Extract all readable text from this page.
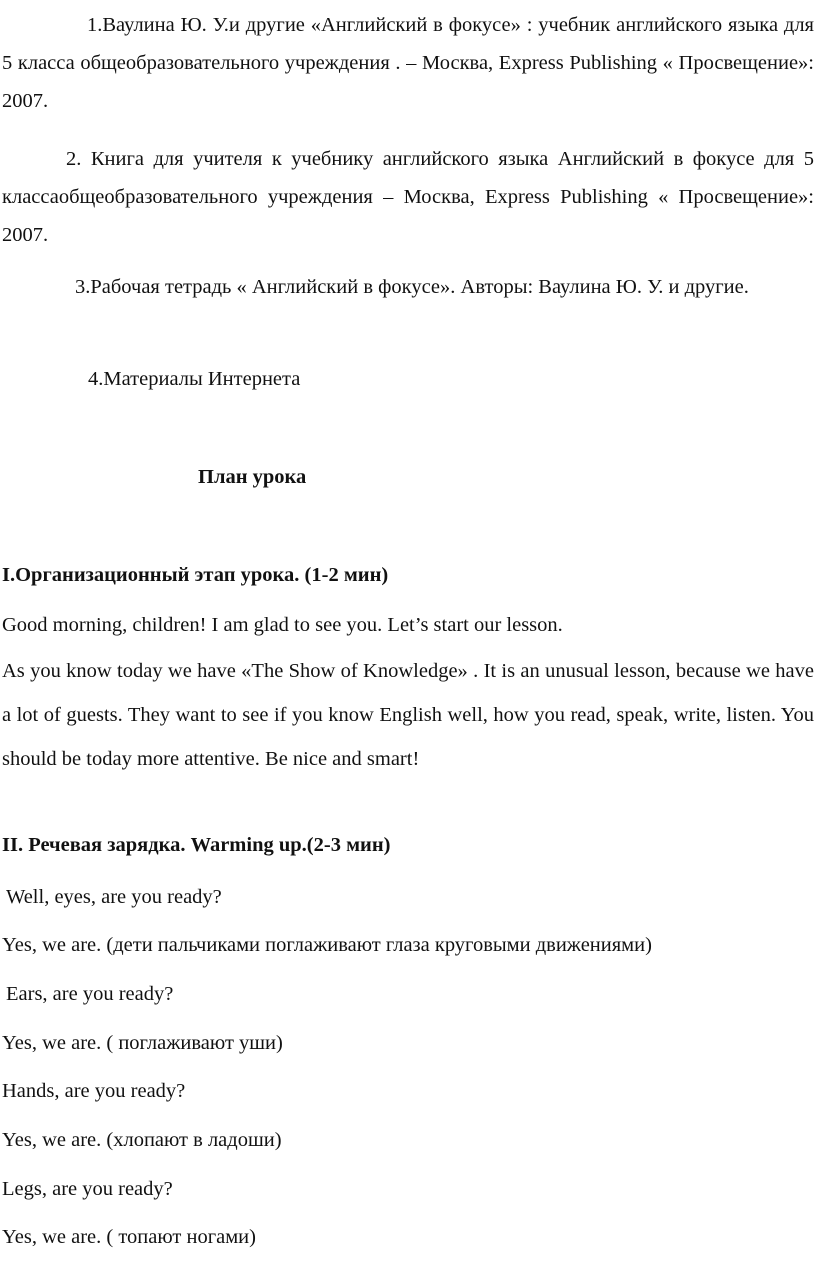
1.Ваулина Ю. У.и другие «Английский в фокусе» : учебник английского языка для 5 класса общеобразовательного учреждения . – Москва, Express Publishing « Просвещение»: 2007.
2. Книга для учителя к учебнику английского языка Английский в фокусе для 5 классаобщеобразовательного учреждения – Москва, Express Publishing « Просвещение»: 2007.
3.Рабочая тетрадь « Английский в фокусе». Авторы: Ваулина Ю. У. и другие.
4.Материалы Интернета
План урока
I.Организационный этап урока. (1-2 мин)
Good morning, children! I am glad to see you. Let’s start our lesson.
As you know today we have «The Show of Knowledge» . It is an unusual lesson, because we have a lot of guests. They want to see if you know English well, how you read, speak, write, listen. You should be today more attentive. Be nice and smart!
II. Речевая зарядка. Warming up.(2-3 мин)
Well, eyes, are you ready?
Yes, we are. (дети пальчиками поглаживают глаза круговыми движениями)
Ears, are you ready?
Yes, we are. ( поглаживают уши)
Hands, are you ready?
Yes, we are. (хлопают в ладоши)
Legs, are you ready?
Yes, we are. ( топают ногами)
